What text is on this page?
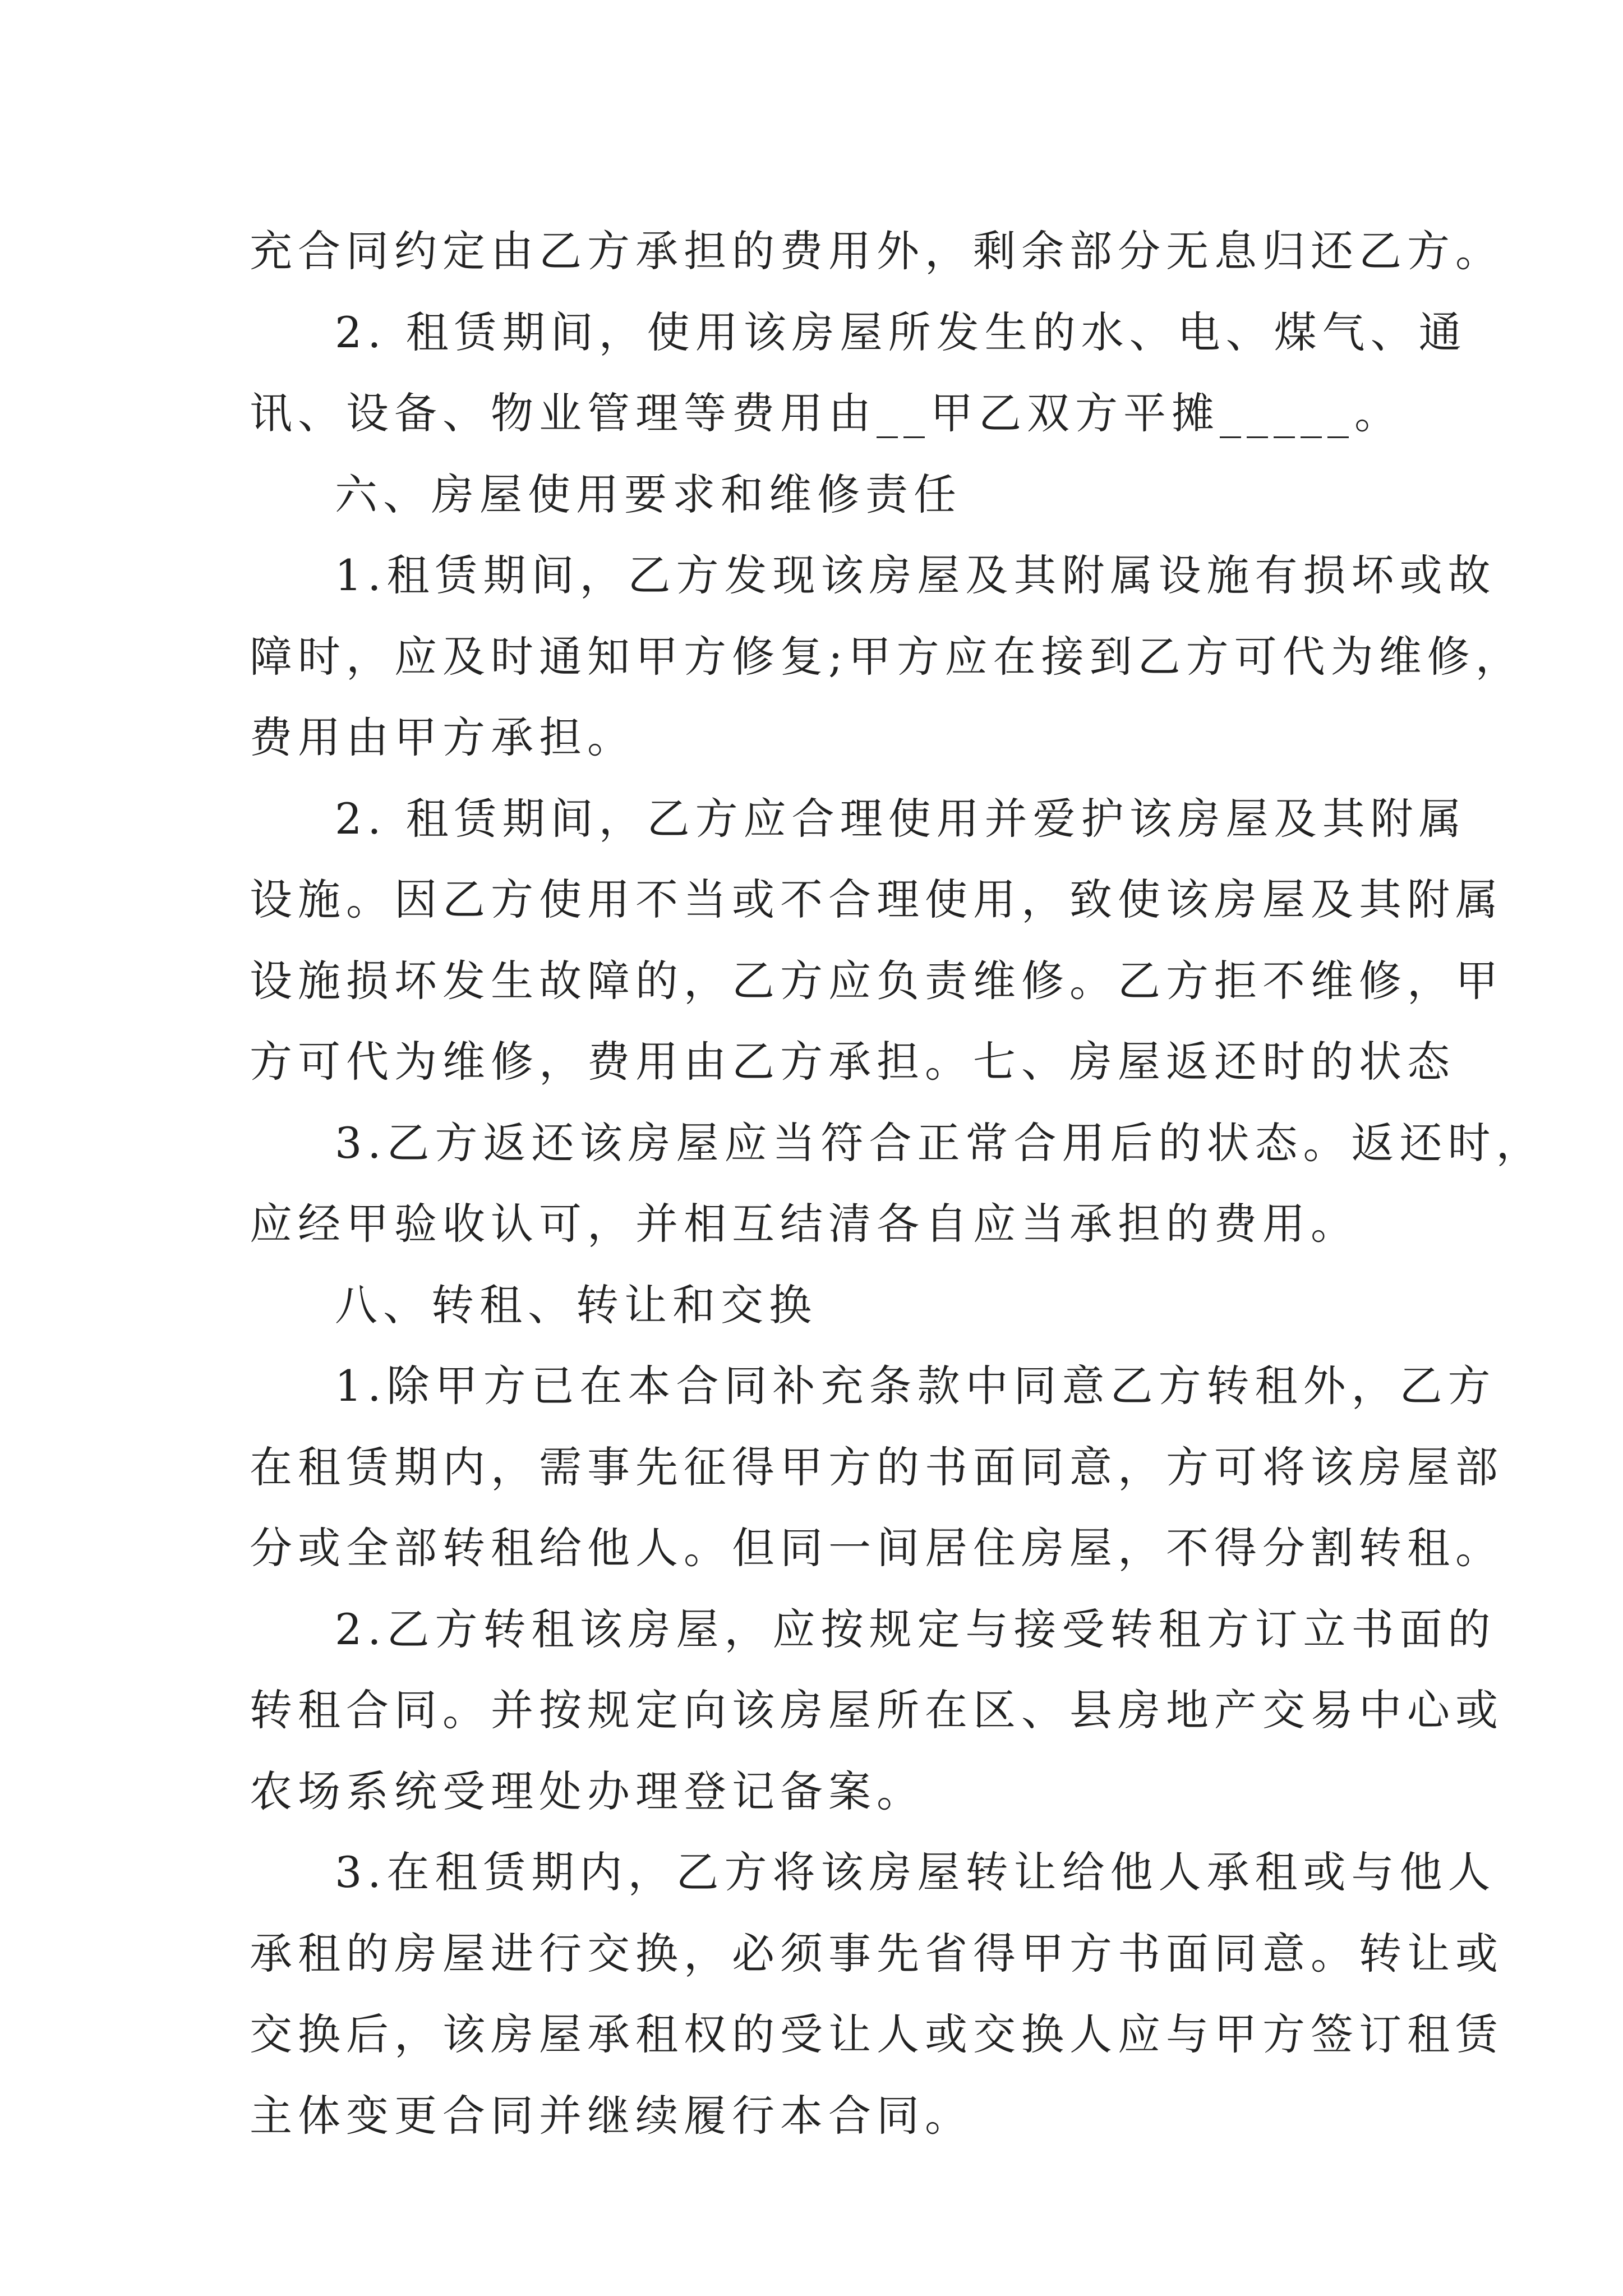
充合同约定由乙方承担的费用外，剩余部分无息归还乙方。
2. 租赁期间，使用该房屋所发生的水、电、煤气、通
讯、设备、物业管理等费用由__甲乙双方平摊_____。
六、房屋使用要求和维修责任
1.租赁期间，乙方发现该房屋及其附属设施有损坏或故
障时，应及时通知甲方修复;甲方应在接到乙方可代为维修，
费用由甲方承担。
2. 租赁期间，乙方应合理使用并爱护该房屋及其附属
设施。因乙方使用不当或不合理使用，致使该房屋及其附属
设施损坏发生故障的，乙方应负责维修。乙方拒不维修，甲
方可代为维修，费用由乙方承担。七、房屋返还时的状态
3.乙方返还该房屋应当符合正常合用后的状态。返还时，
应经甲验收认可，并相互结清各自应当承担的费用。
八、转租、转让和交换
1.除甲方已在本合同补充条款中同意乙方转租外，乙方
在租赁期内，需事先征得甲方的书面同意，方可将该房屋部
分或全部转租给他人。但同一间居住房屋，不得分割转租。
2.乙方转租该房屋，应按规定与接受转租方订立书面的
转租合同。并按规定向该房屋所在区、县房地产交易中心或
农场系统受理处办理登记备案。
3.在租赁期内，乙方将该房屋转让给他人承租或与他人
承租的房屋进行交换，必须事先省得甲方书面同意。转让或
交换后，该房屋承租权的受让人或交换人应与甲方签订租赁
主体变更合同并继续履行本合同。
